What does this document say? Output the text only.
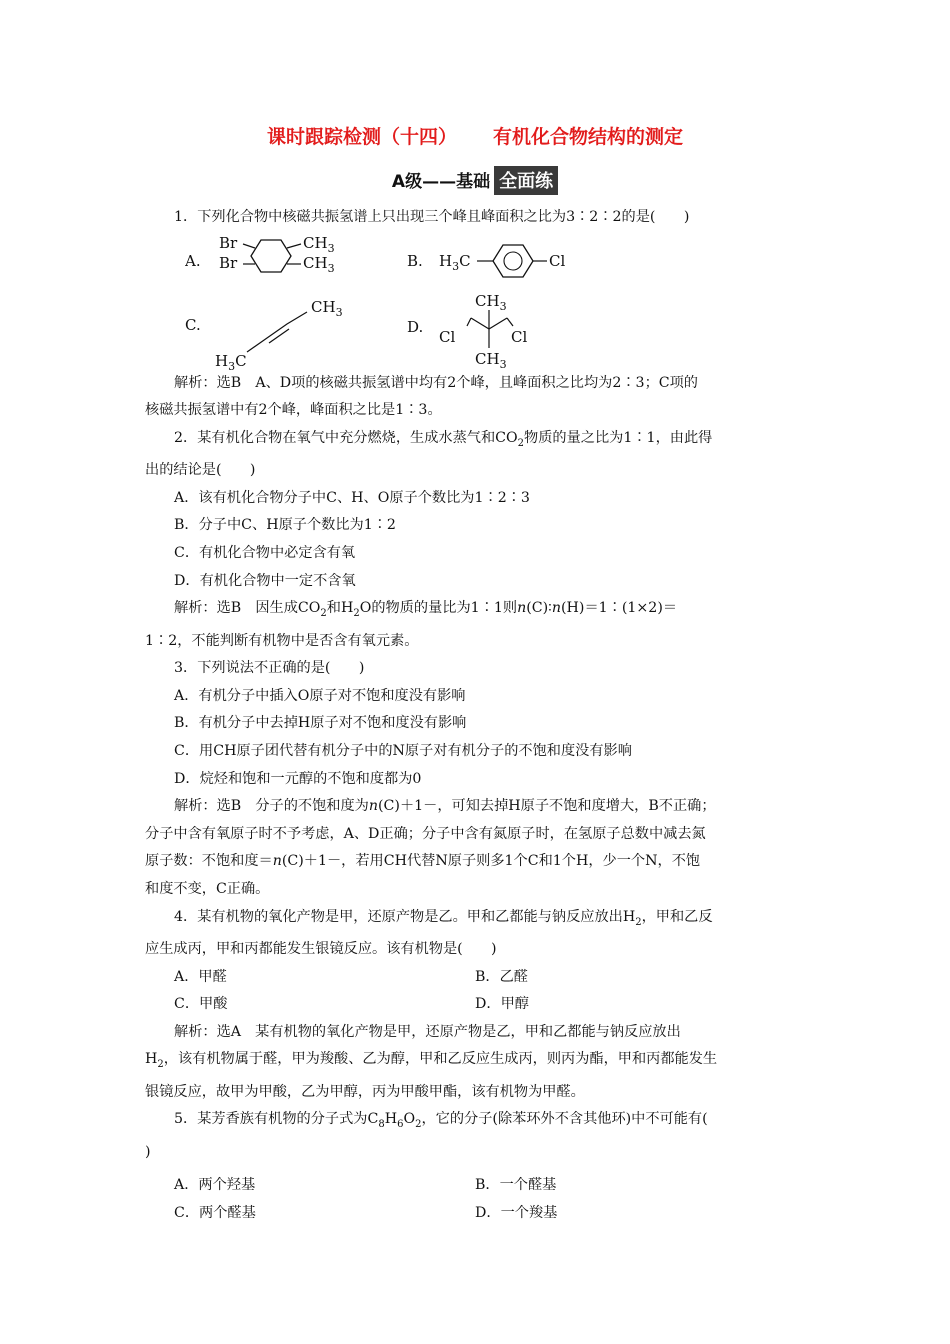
课时跟踪检测（十四） 有机化合物结构的测定
A级——基础 全面练

1．下列化合物中核磁共振氢谱上只出现三个峰且峰面积之比为3∶2∶2的是(　　)

A.
Br
Br
$CH_3$
$CH_3$	B. $H_3C$	Cl
C.
$CH_3$
$H_3C$
D.
$CH_3$
Cl	Cl
$CH_3$

解析：选B　A、D项的核磁共振氢谱中均有2个峰，且峰面积之比均为2∶3；C项的

核磁共振氢谱中有2个峰，峰面积之比是1∶3。

2．某有机化合物在氧气中充分燃烧，生成水蒸气和$CO_2$物质的量之比为1∶1，由此得

出的结论是(　　)

A．该有机化合物分子中C、H、O原子个数比为1∶2∶3

B．分子中C、H原子个数比为1∶2

C．有机化合物中必定含有氧

D．有机化合物中一定不含氧

解析：选B　因生成$CO_2$和$H_2O$的物质的量比为1∶1则n(C)∶n(H)＝1∶(1×2)＝

1∶2，不能判断有机物中是否含有氧元素。

3．下列说法不正确的是(　　)

A．有机分子中插入O原子对不饱和度没有影响

B．有机分子中去掉H原子对不饱和度没有影响

C．用CH原子团代替有机分子中的N原子对有机分子的不饱和度没有影响

D．烷烃和饱和一元醇的不饱和度都为0

解析：选B　分子的不饱和度为n(C)＋1－，可知去掉H原子不饱和度增大，B不正确；

分子中含有氧原子时不予考虑，A、D正确；分子中含有氮原子时，在氢原子总数中减去氮

原子数：不饱和度＝n(C)＋1－，若用CH代替N原子则多1个C和1个H，少一个N，不饱

和度不变，C正确。

4．某有机物的氧化产物是甲，还原产物是乙。甲和乙都能与钠反应放出$H_2$，甲和乙反

应生成丙，甲和丙都能发生银镜反应。该有机物是(　　)

A．甲醛	B．乙醛
C．甲酸	D．甲醇

解析：选A　某有机物的氧化产物是甲，还原产物是乙，甲和乙都能与钠反应放出

$H_2$，该有机物属于醛，甲为羧酸、乙为醇，甲和乙反应生成丙，则丙为酯，甲和丙都能发生

银镜反应，故甲为甲酸，乙为甲醇，丙为甲酸甲酯，该有机物为甲醛。

5．某芳香族有机物的分子式为$C_8H_6O_2$，它的分子(除苯环外不含其他环)中不可能有(

)

A．两个羟基	B．一个醛基
C．两个醛基	D．一个羧基
